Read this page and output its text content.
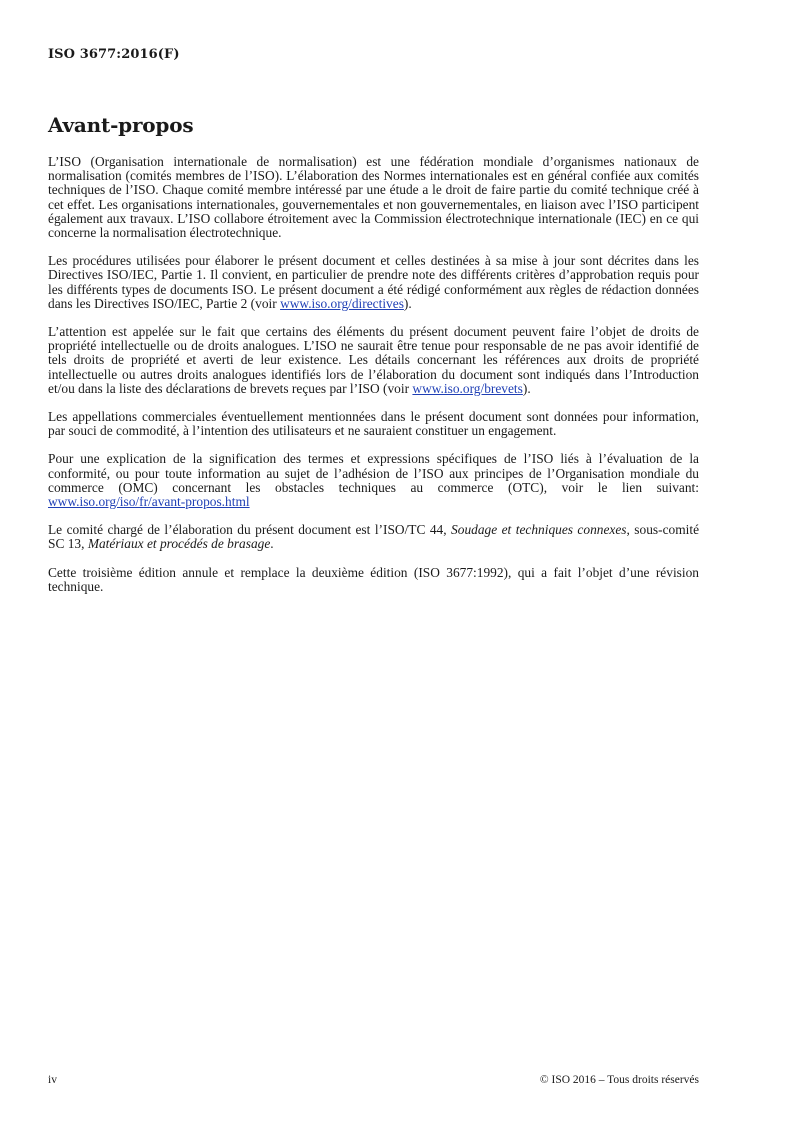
ISO 3677:2016(F)
Avant-propos

L’ISO (Organisation internationale de normalisation) est une fédération mondiale d’organismes nationaux de normalisation (comités membres de l’ISO). L’élaboration des Normes internationales est en général confiée aux comités techniques de l’ISO. Chaque comité membre intéressé par une étude a le droit de faire partie du comité technique créé à cet effet. Les organisations internationales, gouvernementales et non gouvernementales, en liaison avec l’ISO participent également aux travaux. L’ISO collabore étroitement avec la Commission électrotechnique internationale (IEC) en ce qui concerne la normalisation électrotechnique.

Les procédures utilisées pour élaborer le présent document et celles destinées à sa mise à jour sont décrites dans les Directives ISO/IEC, Partie 1. Il convient, en particulier de prendre note des différents critères d’approbation requis pour les différents types de documents ISO. Le présent document a été rédigé conformément aux règles de rédaction données dans les Directives ISO/IEC, Partie 2 (voir www.iso.org/directives).

L’attention est appelée sur le fait que certains des éléments du présent document peuvent faire l’objet de droits de propriété intellectuelle ou de droits analogues. L’ISO ne saurait être tenue pour responsable de ne pas avoir identifié de tels droits de propriété et averti de leur existence. Les détails concernant les références aux droits de propriété intellectuelle ou autres droits analogues identifiés lors de l’élaboration du document sont indiqués dans l’Introduction et/ou dans la liste des déclarations de brevets reçues par l’ISO (voir www.iso.org/brevets).

Les appellations commerciales éventuellement mentionnées dans le présent document sont données pour information, par souci de commodité, à l’intention des utilisateurs et ne sauraient constituer un engagement.

Pour une explication de la signification des termes et expressions spécifiques de l’ISO liés à l’évaluation de la conformité, ou pour toute information au sujet de l’adhésion de l’ISO aux principes de l’Organisation mondiale du commerce (OMC) concernant les obstacles techniques au commerce (OTC), voir le lien suivant: www.iso.org/iso/fr/avant-propos.html

Le comité chargé de l’élaboration du présent document est l’ISO/TC 44, Soudage et techniques connexes, sous-comité SC 13, Matériaux et procédés de brasage.

Cette troisième édition annule et remplace la deuxième édition (ISO 3677:1992), qui a fait l’objet d’une révision technique.

iv	© ISO 2016 – Tous droits réservés
